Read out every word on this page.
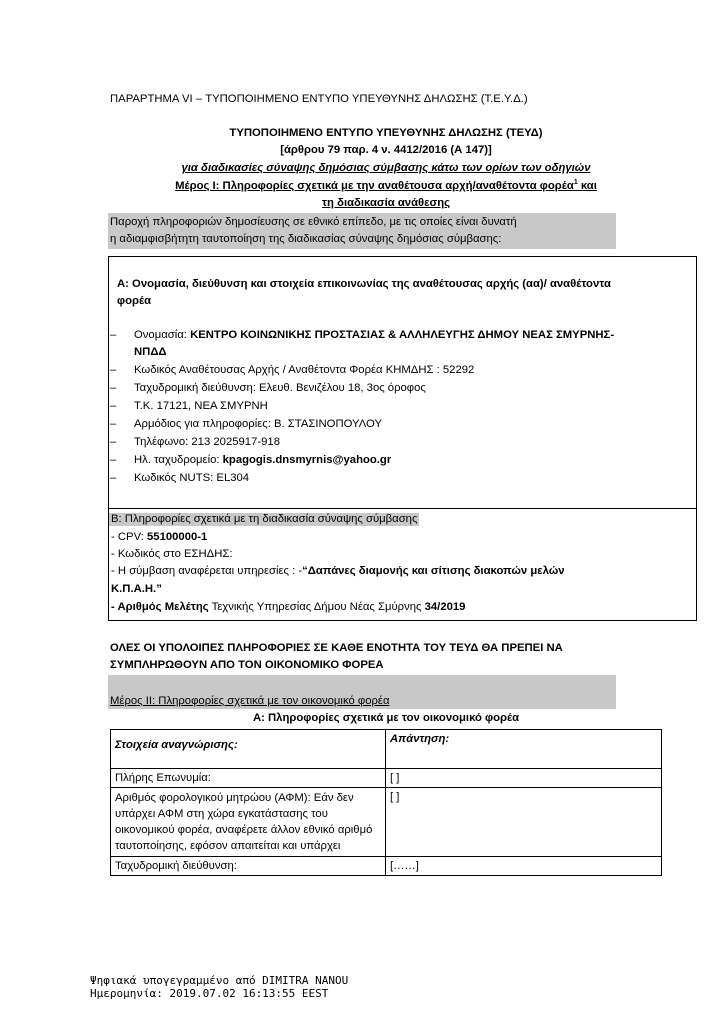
ΠΑΡΑΡΤΗΜΑ VI – ΤΥΠΟΠΟΙΗΜΕΝΟ ΕΝΤΥΠΟ ΥΠΕΥΘΥΝΗΣ ΔΗΛΩΣΗΣ (Τ.Ε.Υ.Δ.)
ΤΥΠΟΠΟΙΗΜΕΝΟ ΕΝΤΥΠΟ ΥΠΕΥΘΥΝΗΣ ΔΗΛΩΣΗΣ (ΤΕΥΔ)
[άρθρου 79 παρ. 4 ν. 4412/2016 (Α 147)]
για διαδικασίες σύναψης δημόσιας σύμβασης κάτω των ορίων των οδηγιών
Μέρος Ι: Πληροφορίες σχετικά με την αναθέτουσα αρχή/αναθέτοντα φορέα$^1$ και
τη διαδικασία ανάθεσης
Παροχή πληροφοριών δημοσίευσης σε εθνικό επίπεδο, με τις οποίες είναι δυνατή
η αδιαμφισβήτητη ταυτοποίηση της διαδικασίας σύναψης δημόσιας σύμβασης:
Α: Ονομασία, διεύθυνση και στοιχεία επικοινωνίας της αναθέτουσας αρχής (αα)/ αναθέτοντα
φορέα
– Ονομασία: ΚΕΝΤΡΟ ΚΟΙΝΩΝΙΚΗΣ ΠΡΟΣΤΑΣΙΑΣ & ΑΛΛΗΛΕΥΓΗΣ ΔΗΜΟΥ ΝΕΑΣ ΣΜΥΡΝΗΣ-
ΝΠΔΔ
– Κωδικός Αναθέτουσας Αρχής / Αναθέτοντα Φορέα ΚΗΜΔΗΣ : 52292
– Ταχυδρομική διεύθυνση: Ελευθ. Βενιζέλου 18, 3ος όροφος
– Τ.Κ. 17121, ΝΕΑ ΣΜΥΡΝΗ
– Αρμόδιος για πληροφορίες: Β. ΣΤΑΣΙΝΟΠΟΥΛΟΥ
– Τηλέφωνο: 213 2025917-918
– Ηλ. ταχυδρομείο: kpagogis.dnsmyrnis@yahoo.gr
– Κωδικός NUTS: EL304
Β: Πληροφορίες σχετικά με τη διαδικασία σύναψης σύμβασης
- CPV: 55100000-1
- Κωδικός στο ΕΣΗΔΗΣ:
- Η σύμβαση αναφέρεται υπηρεσίες : -“Δαπάνες διαμονής και σίτισης διακοπών μελών
Κ.Π.Α.Η.”
- Αριθμός Μελέτης Τεχνικής Υπηρεσίας Δήμου Νέας Σμύρνης 34/2019
ΟΛΕΣ ΟΙ ΥΠΟΛΟΙΠΕΣ ΠΛΗΡΟΦΟΡΙΕΣ ΣΕ ΚΑΘΕ ΕΝΟΤΗΤΑ ΤΟΥ ΤΕΥΔ ΘΑ ΠΡΕΠΕΙ ΝΑ
ΣΥΜΠΛΗΡΩΘΟΥΝ ΑΠΟ ΤΟΝ ΟΙΚΟΝΟΜΙΚΟ ΦΟΡΕΑ
Μέρος ΙΙ: Πληροφορίες σχετικά με τον οικονομικό φορέα
Α: Πληροφορίες σχετικά με τον οικονομικό φορέα
Στοιχεία αναγνώρισης:	Απάντηση:
Πλήρης Επωνυμία:	[ ]
Αριθμός φορολογικού μητρώου (ΑΦΜ): Εάν δεν υπάρχει ΑΦΜ στη χώρα εγκατάστασης του οικονομικού φορέα, αναφέρετε άλλον εθνικό αριθμό ταυτοποίησης, εφόσον απαιτείται και υπάρχει	[ ]
Ταχυδρομική διεύθυνση:	[……]
Ψηφιακά υπογεγραμμένο από DIMITRA NANOU
Ημερομηνία: 2019.07.02 16:13:55 EEST
